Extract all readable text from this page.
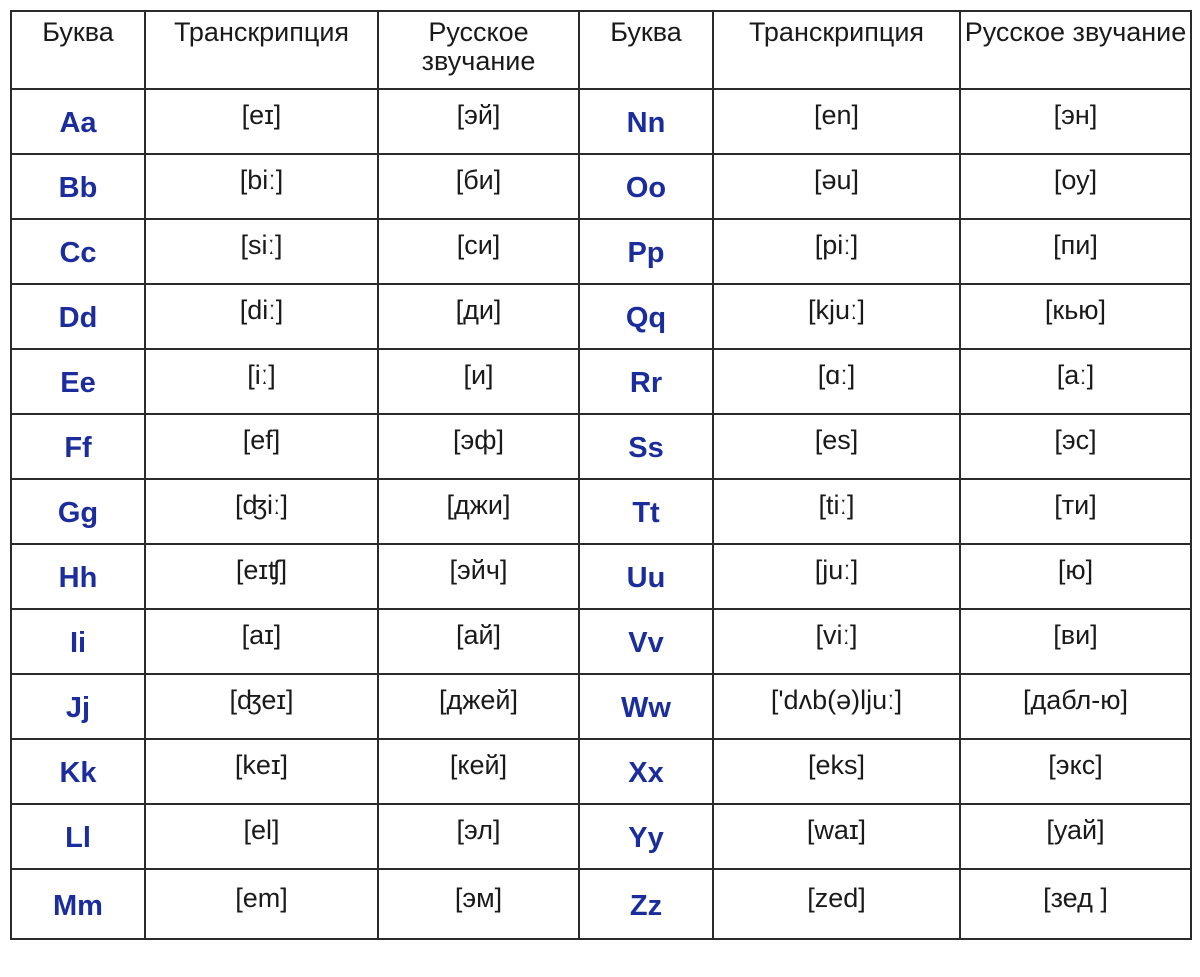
Буква	Транскрипция	Русское звучание	Буква	Транскрипция	Русское звучание
Aa	[eɪ]	[эй]	Nn	[en]	[эн]
Bb	[biː]	[би]	Oo	[əu]	[оу]
Cc	[siː]	[си]	Pp	[piː]	[пи]
Dd	[diː]	[ди]	Qq	[kjuː]	[кью]
Ee	[iː]	[и]	Rr	[ɑː]	[аː]
Ff	[ef]	[эф]	Ss	[es]	[эс]
Gg	[ʤiː]	[джи]	Tt	[tiː]	[ти]
Hh	[eɪʧ]	[эйч]	Uu	[juː]	[ю]
Ii	[aɪ]	[ай]	Vv	[viː]	[ви]
Jj	[ʤeɪ]	[джей]	Ww	['dʌb(ə)ljuː]	[дабл-ю]
Kk	[keɪ]	[кей]	Xx	[eks]	[экс]
Ll	[el]	[эл]	Yy	[waɪ]	[уай]
Mm	[em]	[эм]	Zz	[zed]	[зед ]
